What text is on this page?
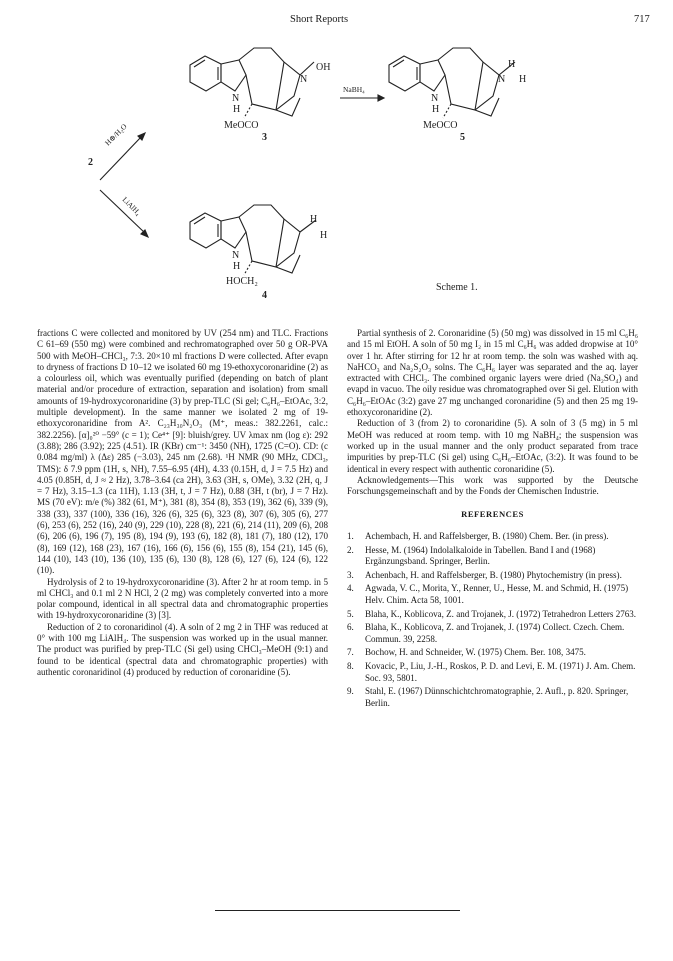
Short Reports	717
N
OH
N
H
MeOCO
3
NaBH₄
N
H
H
N
H
MeOCO
5
2
H⊕/H₂O
LiAlH₄
H
H
N
H
HOCH₂
4
Scheme 1.

fractions C were collected and monitored by UV (254 nm) and TLC. Fractions C 61–69 (550 mg) were combined and rechromatographed over 50 g OR-PVA 500 with MeOH–CHCl₃, 7:3. 20×10 ml fractions D were collected. After evapn to dryness of fractions D 10–12 we isolated 60 mg 19-ethoxycoronaridine (2) as a colourless oil, which was eventually purified (depending on batch of plant material and/or procedure of extraction, separation and isolation) from small amounts of 19-hydroxycoronaridine (3) by prep-TLC (Si gel; C₆H₆–EtOAc, 3:2, multiple development). In the same manner we isolated 2 mg of 19-ethoxycoronaridine from A². C₂₃H₃₀N₂O₃ (M⁺, meas.: 382.2261, calc.: 382.2256). [α]₀²⁰ −59° (c = 1); Ce⁴⁺ [9]: bluish/grey. UV λmax nm (log ε): 292 (3.88); 286 (3.92); 225 (4.51). IR (KBr) cm⁻¹: 3450 (NH), 1725 (C=O). CD: (c 0.084 mg/ml) λ (Δε) 285 (−3.03), 245 nm (2.68). ¹H NMR (90 MHz, CDCl₃, TMS): δ 7.9 ppm (1H, s, NH), 7.55–6.95 (4H), 4.33 (0.15H, d, J = 7.5 Hz) and 4.05 (0.85H, d, J ≈ 2 Hz), 3.78–3.64 (ca 2H), 3.63 (3H, s, OMe), 3.32 (2H, q, J = 7 Hz), 3.15–1.3 (ca 11H), 1.13 (3H, t, J = 7 Hz), 0.88 (3H, t (br), J = 7 Hz). MS (70 eV): m/e (%) 382 (61, M⁺), 381 (8), 354 (8), 353 (19), 362 (6), 339 (9), 338 (33), 337 (100), 336 (16), 326 (6), 325 (6), 323 (8), 307 (6), 305 (6), 277 (6), 253 (6), 252 (16), 240 (9), 229 (10), 228 (8), 221 (6), 214 (11), 209 (6), 208 (6), 206 (6), 196 (7), 195 (8), 194 (9), 193 (6), 182 (8), 181 (7), 180 (12), 170 (8), 169 (12), 168 (23), 167 (16), 166 (6), 156 (6), 155 (8), 154 (21), 145 (6), 144 (10), 143 (10), 136 (10), 135 (6), 130 (8), 128 (6), 127 (6), 124 (6), 122 (10).

Hydrolysis of 2 to 19-hydroxycoronaridine (3). After 2 hr at room temp. in 5 ml CHCl₃ and 0.1 ml 2 N HCl, 2 (2 mg) was completely converted into a more polar compound, identical in all spectral data and chromatographic properties with 19-hydroxycoronaridine (3) [3].

Reduction of 2 to coronaridinol (4). A soln of 2 mg 2 in THF was reduced at 0° with 100 mg LiAlH₄. The suspension was worked up in the usual manner. The product was purified by prep-TLC (Si gel) using CHCl₃–MeOH (9:1) and found to be identical (spectral data and chromatographic properties) with authentic coronaridinol (4) produced by reduction of coronaridine (5).

Partial synthesis of 2. Coronaridine (5) (50 mg) was dissolved in 15 ml C₆H₆ and 15 ml EtOH. A soln of 50 mg I₂ in 15 ml C₆H₆ was added dropwise at 10° over 1 hr. After stirring for 12 hr at room temp. the soln was washed with aq. NaHCO₃ and Na₂S₂O₃ solns. The C₆H₆ layer was separated and the aq. layer extracted with CHCl₃. The combined organic layers were dried (Na₂SO₄) and evapd in vacuo. The oily residue was chromatographed over Si gel. Elution with C₆H₆–EtOAc (3:2) gave 27 mg unchanged coronaridine (5) and then 25 mg 19-ethoxycoronaridine (2).

Reduction of 3 (from 2) to coronaridine (5). A soln of 3 (5 mg) in 5 ml MeOH was reduced at room temp. with 10 mg NaBH₄; the suspension was worked up in the usual manner and the only product separated from trace impurities by prep-TLC (Si gel) using C₆H₆–EtOAc, (3:2). It was found to be identical in every respect with authentic coronaridine (5).

Acknowledgements—This work was supported by the Deutsche Forschungsgemeinschaft and by the Fonds der Chemischen Industrie.

REFERENCES
1. Achembach, H. and Raffelsberger, B. (1980) Chem. Ber. (in press).
2. Hesse, M. (1964) Indolalkaloide in Tabellen. Band I and (1968) Ergänzungsband. Springer, Berlin.
3. Achenbach, H. and Raffelsberger, B. (1980) Phytochemistry (in press).
4. Agwada, V. C., Morita, Y., Renner, U., Hesse, M. and Schmid, H. (1975) Helv. Chim. Acta 58, 1001.
5. Blaha, K., Koblicova, Z. and Trojanek, J. (1972) Tetrahedron Letters 2763.
6. Blaha, K., Koblicova, Z. and Trojanek, J. (1974) Collect. Czech. Chem. Commun. 39, 2258.
7. Bochow, H. and Schneider, W. (1975) Chem. Ber. 108, 3475.
8. Kovacic, P., Liu, J.-H., Roskos, P. D. and Levi, E. M. (1971) J. Am. Chem. Soc. 93, 5801.
9. Stahl, E. (1967) Dünnschichtchromatographie, 2. Aufl., p. 820. Springer, Berlin.
